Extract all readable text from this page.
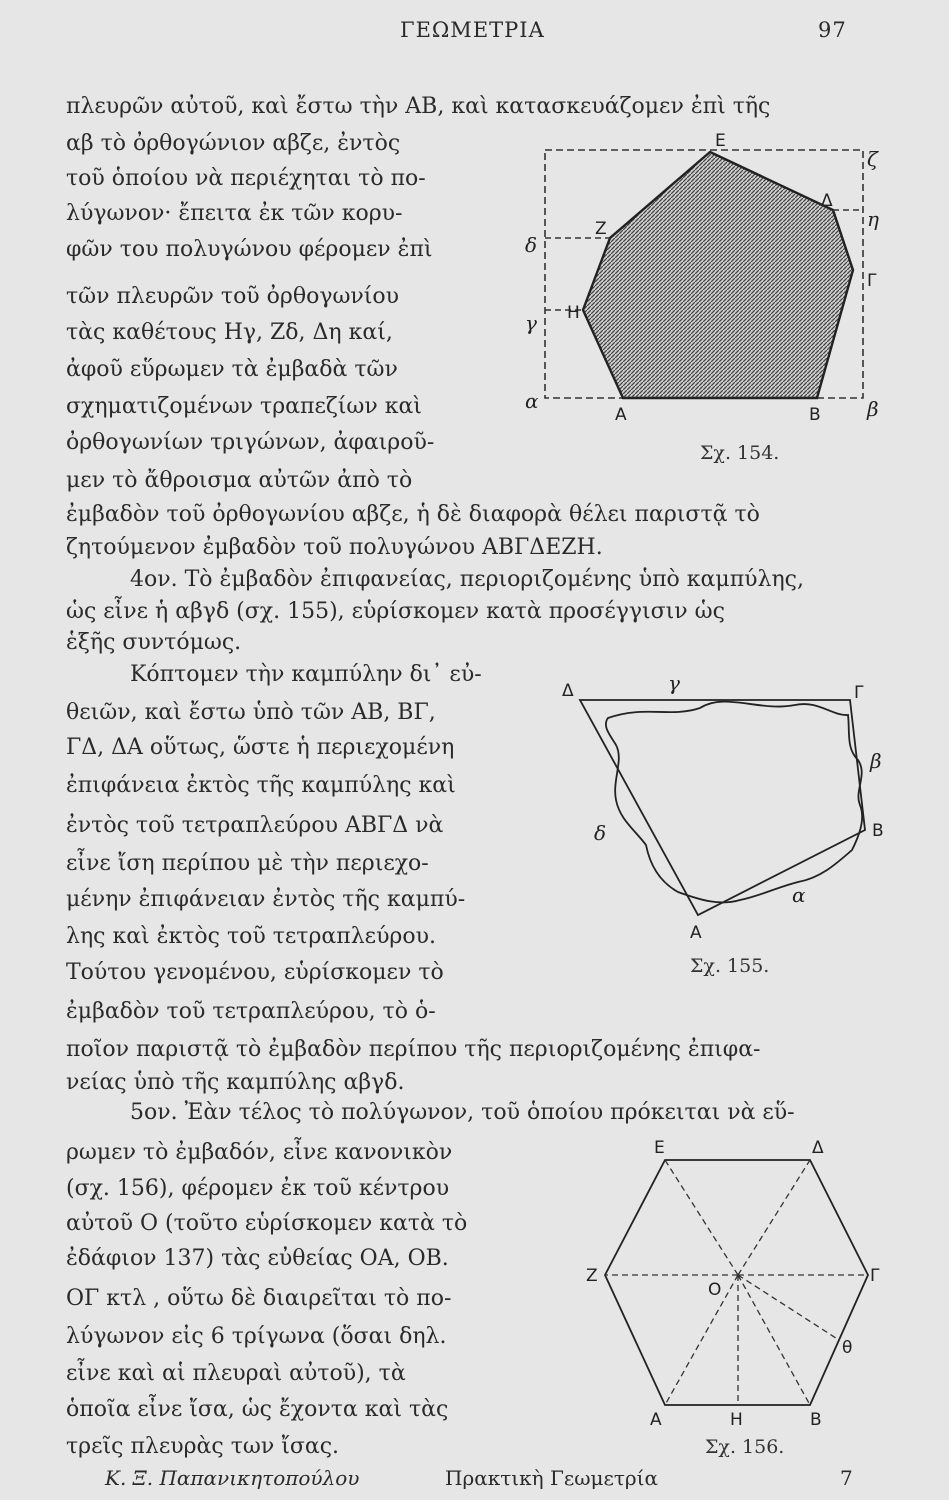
ΓΕΩΜΕΤΡΙΑ	97
πλευρῶν αὐτοῦ, καὶ ἔστω τὴν ΑΒ, καὶ κατασκευάζομεν ἐπὶ τῆς
αβ τὸ ὀρθογώνιον αβζε, ἐντὸς
τοῦ ὁποίου νὰ περιέχηται τὸ πο-
λύγωνον· ἔπειτα ἐκ τῶν κορυ-
φῶν του πολυγώνου φέρομεν ἐπὶ
τῶν πλευρῶν τοῦ ὀρθογωνίου
τὰς καθέτους Ηγ, Ζδ, Δη καί,
ἀφοῦ εὕρωμεν τὰ ἐμβαδὰ τῶν
σχηματιζομένων τραπεζίων καὶ
ὀρθογωνίων τριγώνων, ἀφαιροῦ-
μεν τὸ ἄθροισμα αὐτῶν ἀπὸ τὸ
ἐμβαδὸν τοῦ ὀρθογωνίου αβζε, ἡ δὲ διαφορὰ θέλει παριστᾷ τὸ
ζητούμενον ἐμβαδὸν τοῦ πολυγώνου ΑΒΓΔΕΖΗ.
4ον. Τὸ ἐμβαδὸν ἐπιφανείας, περιοριζομένης ὑπὸ καμπύλης,
ὡς εἶνε ἡ αβγδ (σχ. 155), εὑρίσκομεν κατὰ προσέγγισιν ὡς
ἑξῆς συντόμως.
Κόπτομεν τὴν καμπύλην δι᾽ εὐ-
θειῶν, καὶ ἔστω ὑπὸ τῶν ΑΒ, ΒΓ,
ΓΔ, ΔΑ οὕτως, ὥστε ἡ περιεχομένη
ἐπιφάνεια ἐκτὸς τῆς καμπύλης καὶ
ἐντὸς τοῦ τετραπλεύρου ΑΒΓΔ νὰ
εἶνε ἴση περίπου μὲ τὴν περιεχο-
μένην ἐπιφάνειαν ἐντὸς τῆς καμπύ-
λης καὶ ἐκτὸς τοῦ τετραπλεύρου.
Τούτου γενομένου, εὑρίσκομεν τὸ
ἐμβαδὸν τοῦ τετραπλεύρου, τὸ ὁ-
ποῖον παριστᾷ τὸ ἐμβαδὸν περίπου τῆς περιοριζομένης ἐπιφα-
νείας ὑπὸ τῆς καμπύλης αβγδ.
5ον. Ἐὰν τέλος τὸ πολύγωνον, τοῦ ὁποίου πρόκειται νὰ εὕ-
ρωμεν τὸ ἐμβαδόν, εἶνε κανονικὸν
(σχ. 156), φέρομεν ἐκ τοῦ κέντρου
αὐτοῦ Ο (τοῦτο εὑρίσκομεν κατὰ τὸ
ἐδάφιον 137) τὰς εὐθείας ΟΑ, ΟΒ.
ΟΓ κτλ , οὕτω δὲ διαιρεῖται τὸ πο-
λύγωνον εἰς 6 τρίγωνα (ὅσαι δηλ.
εἶνε καὶ αἱ πλευραὶ αὐτοῦ), τὰ
ὁποῖα εἶνε ἴσα, ὡς ἔχοντα καὶ τὰς
τρεῖς πλευρὰς των ἴσας.
Ε
Ζ
Δ
Γ
Η
Α	Β
ζ
η
δ
γ
α	β
Σχ. 154.
Δ	Γ
Β
Α
γ
β
δ
α
Σχ. 155.
Ε	Δ
Ζ	Γ
Ο
θ
Α	Η	Β
Σχ. 156.
Κ. Ξ. Παπανικητοπούλου	Πρακτικὴ Γεωμετρία	7
